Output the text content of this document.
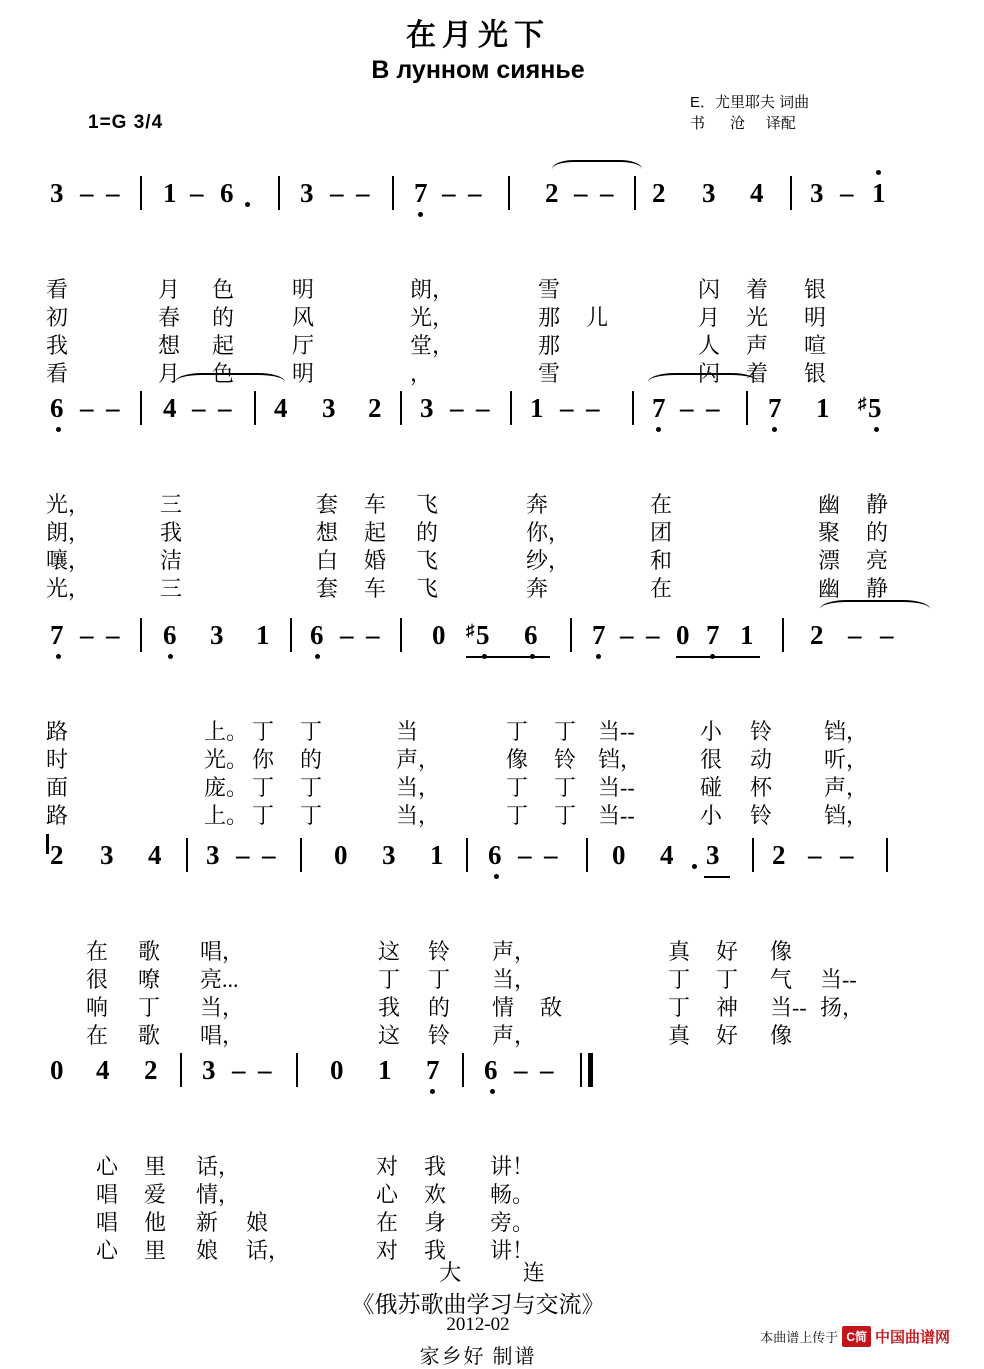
在月光下
В лунном сиянье
1=G 3/4
E．尤里耶夫 词曲
书      沧     译配
3 – – 1 – 6 3 – – 7 – – 2 – – 2 3 4 3 – 1
看
初
我
看
月
春
想
月
色
的
起
色
明
风
厅
明
朗，
光，
堂，
，
雪
那
那
雪
儿
闪
月
人
闪
着
光
声
着
银
明
喧
银
6 – – 4 – – 4 3 2 3 – – 1 – – 7 – – 7 1 ♯ 5
光，
朗，
嚷，
光，
三
我
洁
三
套
想
白
套
车
起
婚
车
飞
的
飞
飞
奔
你，
纱，
奔
在
团
和
在
幽
聚
漂
幽
静
的
亮
静
7 – – 6 3 1 6 – – 0 ♯ 5 6 7 – – 0 7 1 2 – –
路
时
面
路
上。
光。
庞。
上。
丁
你
丁
丁
丁
的
丁
丁
当
声，
当，
当，
丁
像
丁
丁
丁
铃
丁
丁
当--
铛，
当--
当--
小
很
碰
小
铃
动
杯
铃
铛，
听，
声，
铛，
2 3 4 3 – – 0 3 1 6 – – 0 4 3 2 – –
在
很
响
在
歌
嘹
丁
歌
唱，
亮...
当，
唱，
这
丁
我
这
铃
丁
的
铃
声，
当，
情
声，
敌
真
丁
丁
真
好
丁
神
好
像
气
当--
像
当--
扬，
0 4 2 3 – – 0 1 7 6 – –
心
唱
唱
心
里
爱
他
里
话，
情，
新
娘
娘
话，
对
心
在
对
我
欢
身
我
讲！
畅。
旁。
讲！
大 连
《俄苏歌曲学习与交流》
2012-02
家乡好 制谱
本曲谱上传于 C简 中国曲谱网
